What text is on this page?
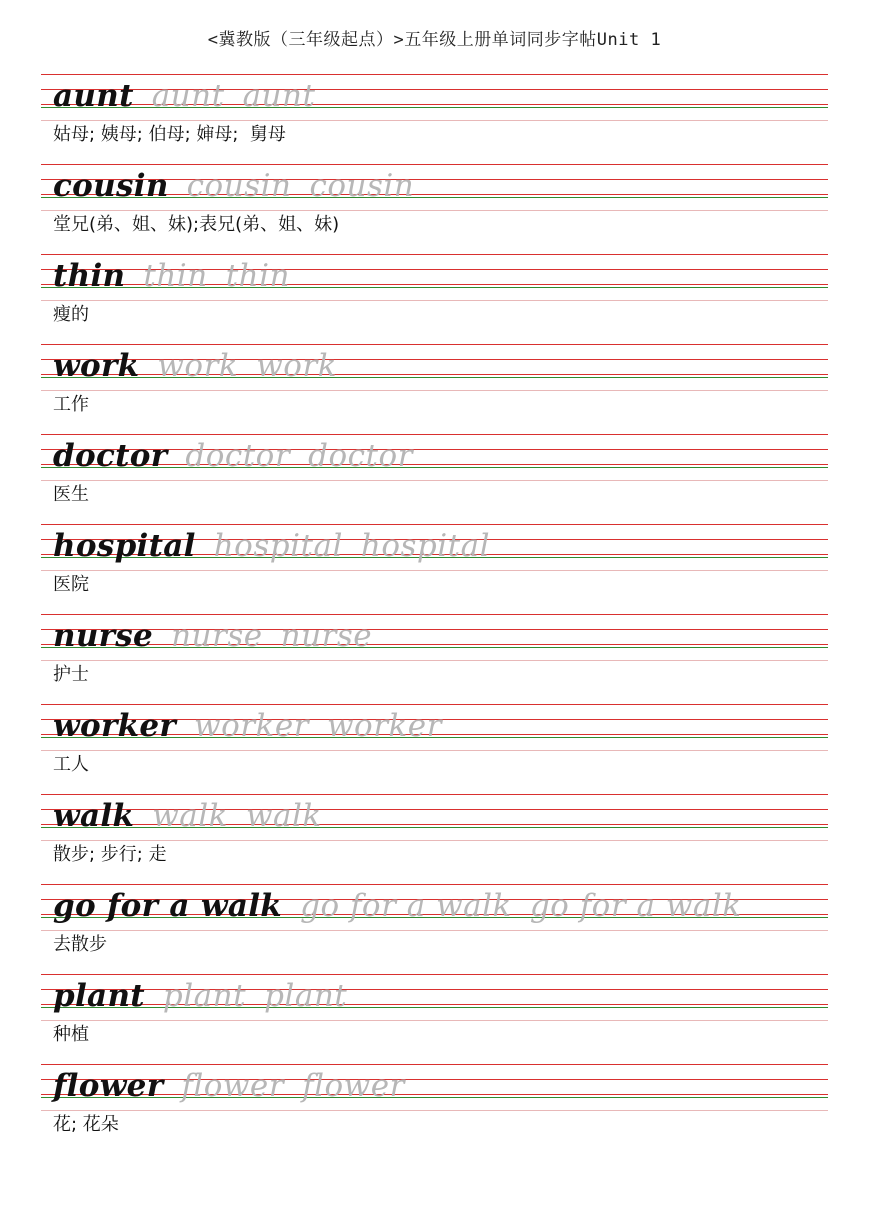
<冀教版（三年级起点）>五年级上册单词同步字帖Unit 1
aunt aunt aunt
姑母; 姨母; 伯母; 婶母;  舅母
cousin cousin cousin
堂兄(弟、姐、妹);表兄(弟、姐、妹)
thin thin thin
瘦的
work work work
工作
doctor doctor doctor
医生
hospital hospital hospital
医院
nurse nurse nurse
护士
worker worker worker
工人
walk walk walk
散步; 步行; 走
go for a walk go for a walk go for a walk
去散步
plant plant plant
种植
flower flower flower
花; 花朵
